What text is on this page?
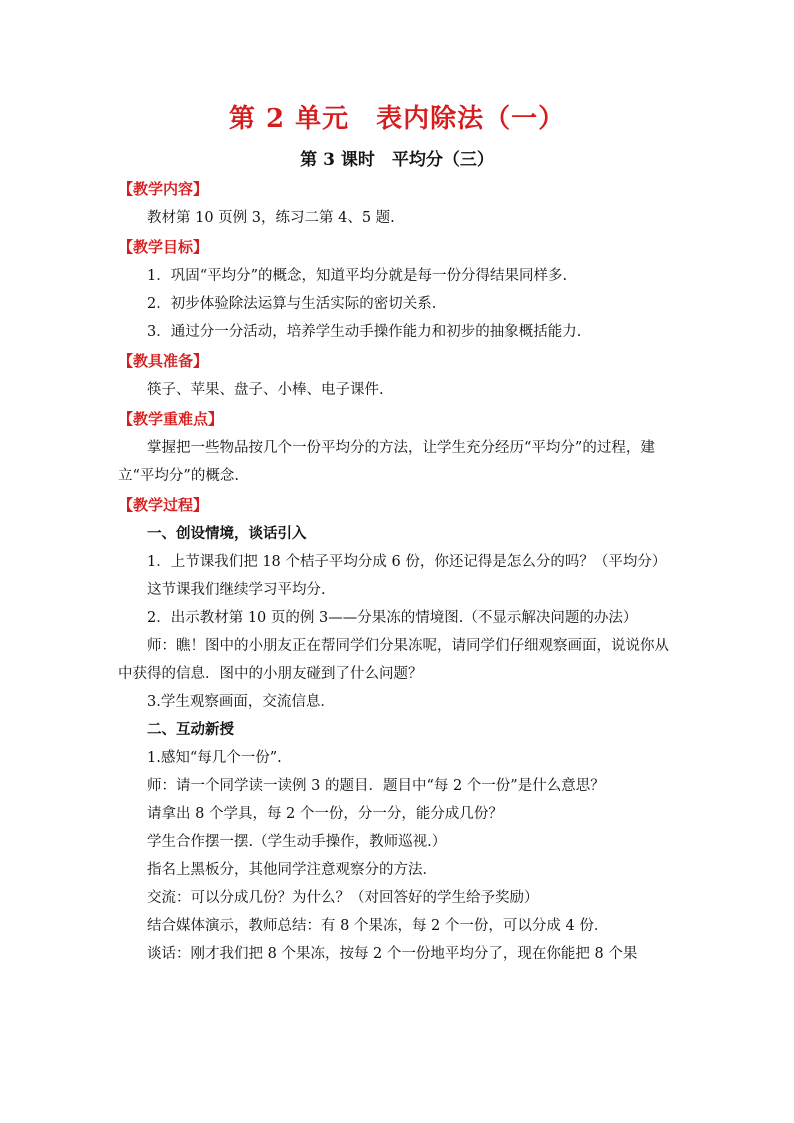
第 2 单元　表内除法（一）
第 3 课时　平均分（三）
【教学内容】
教材第 10 页例 3，练习二第 4、5 题.
【教学目标】
1．巩固“平均分”的概念，知道平均分就是每一份分得结果同样多.
2．初步体验除法运算与生活实际的密切关系.
3．通过分一分活动，培养学生动手操作能力和初步的抽象概括能力.
【教具准备】
筷子、苹果、盘子、小棒、电子课件.
【教学重难点】
掌握把一些物品按几个一份平均分的方法，让学生充分经历“平均分”的过程，建立“平均分”的概念.
【教学过程】
一、创设情境，谈话引入
1．上节课我们把 18 个桔子平均分成 6 份，你还记得是怎么分的吗？（平均分）
这节课我们继续学习平均分.
2．出示教材第 10 页的例 3——分果冻的情境图.（不显示解决问题的办法）
师：瞧！图中的小朋友正在帮同学们分果冻呢，请同学们仔细观察画面，说说你从中获得的信息．图中的小朋友碰到了什么问题？
3.学生观察画面，交流信息．
二、互动新授
1.感知“每几个一份”.
师：请一个同学读一读例 3 的题目．题目中“每 2 个一份”是什么意思？
请拿出 8 个学具，每 2 个一份，分一分，能分成几份？
学生合作摆一摆.（学生动手操作，教师巡视.）
指名上黑板分，其他同学注意观察分的方法．
交流：可以分成几份？为什么？（对回答好的学生给予奖励）
结合媒体演示，教师总结：有 8 个果冻，每 2 个一份，可以分成 4 份．
谈话：刚才我们把 8 个果冻，按每 2 个一份地平均分了，现在你能把 8 个果
